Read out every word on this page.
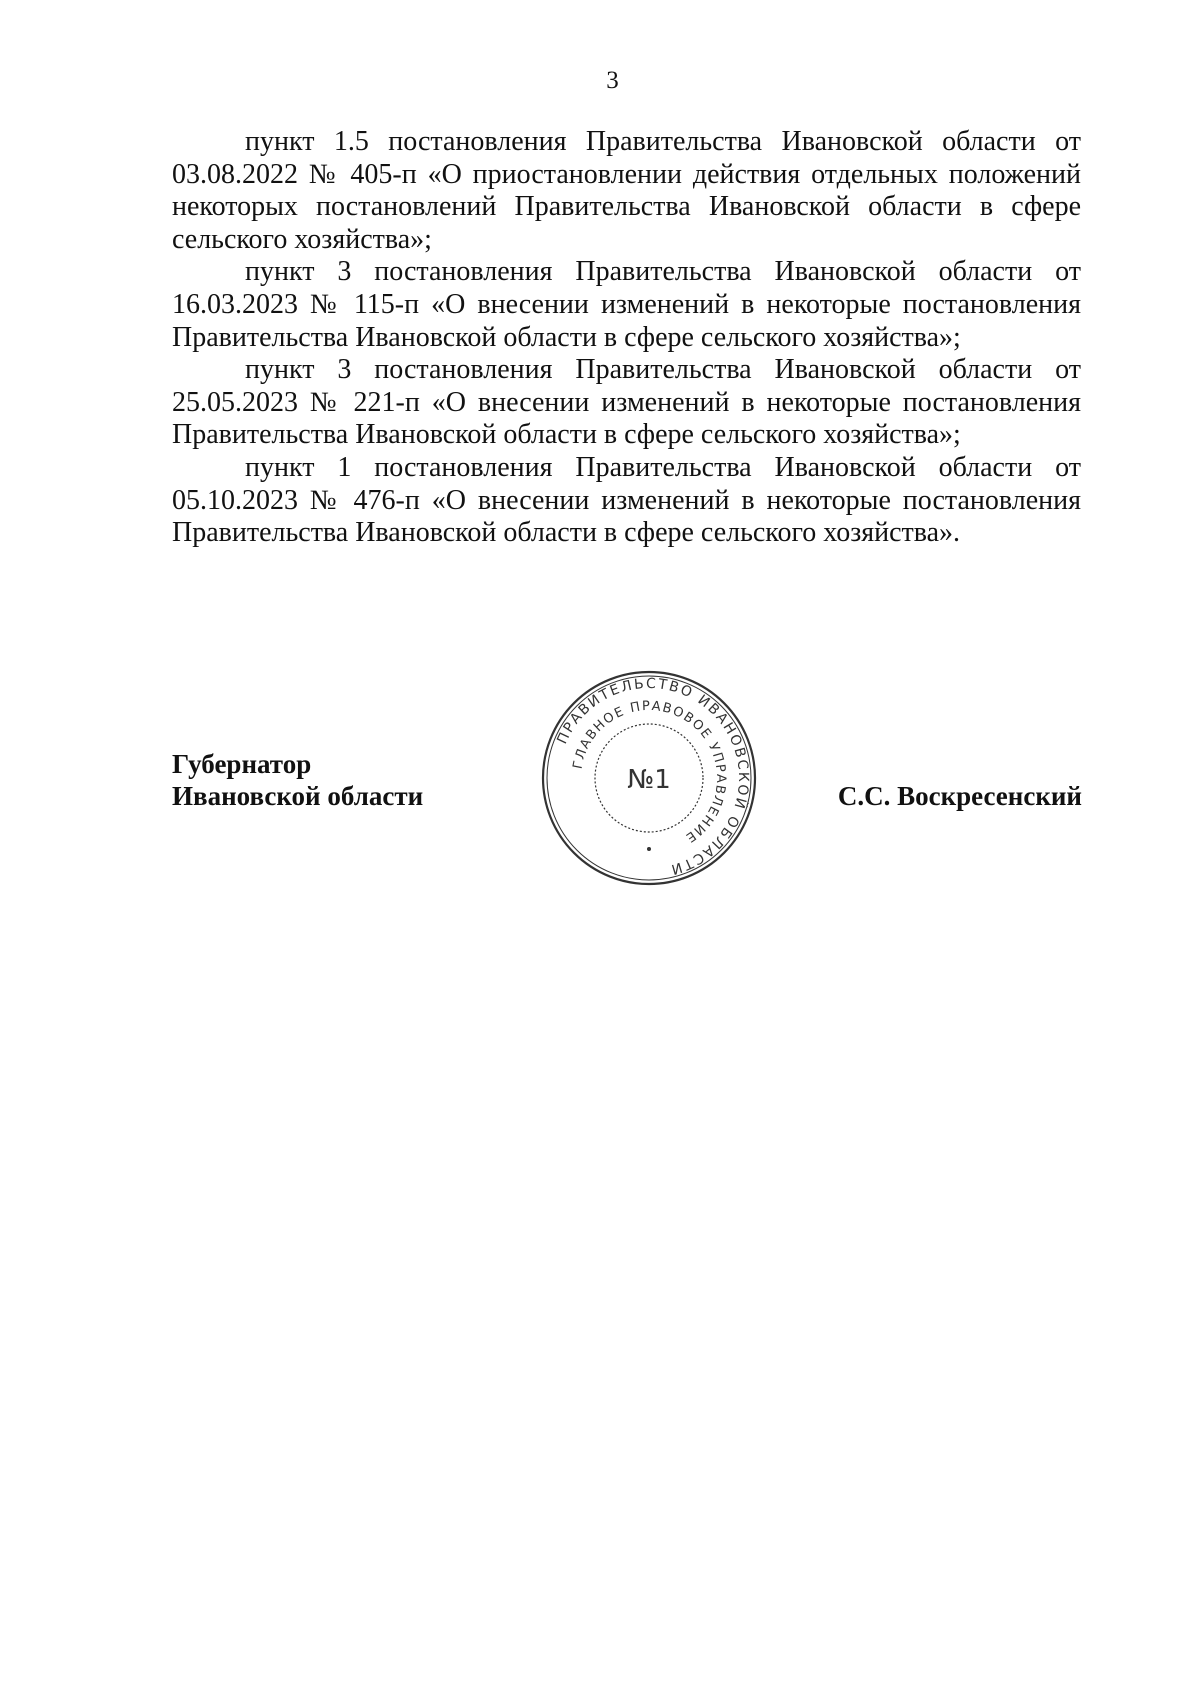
3

пункт 1.5 постановления Правительства Ивановской области от 03.08.2022 № 405-п «О приостановлении действия отдельных положений некоторых постановлений Правительства Ивановской области в сфере сельского хозяйства»;

пункт 3 постановления Правительства Ивановской области от 16.03.2023 № 115-п «О внесении изменений в некоторые постановления Правительства Ивановской области в сфере сельского хозяйства»;

пункт 3 постановления Правительства Ивановской области от 25.05.2023 № 221-п «О внесении изменений в некоторые постановления Правительства Ивановской области в сфере сельского хозяйства»;

пункт 1 постановления Правительства Ивановской области от 05.10.2023 № 476-п «О внесении изменений в некоторые постановления Правительства Ивановской области в сфере сельского хозяйства».

Губернатор
Ивановской области
ПРАВИТЕЛЬСТВО ИВАНОВСКОЙ ОБЛАСТИ
ГЛАВНОЕ ПРАВОВОЕ УПРАВЛЕНИЕ
№1
С.С. Воскресенский
